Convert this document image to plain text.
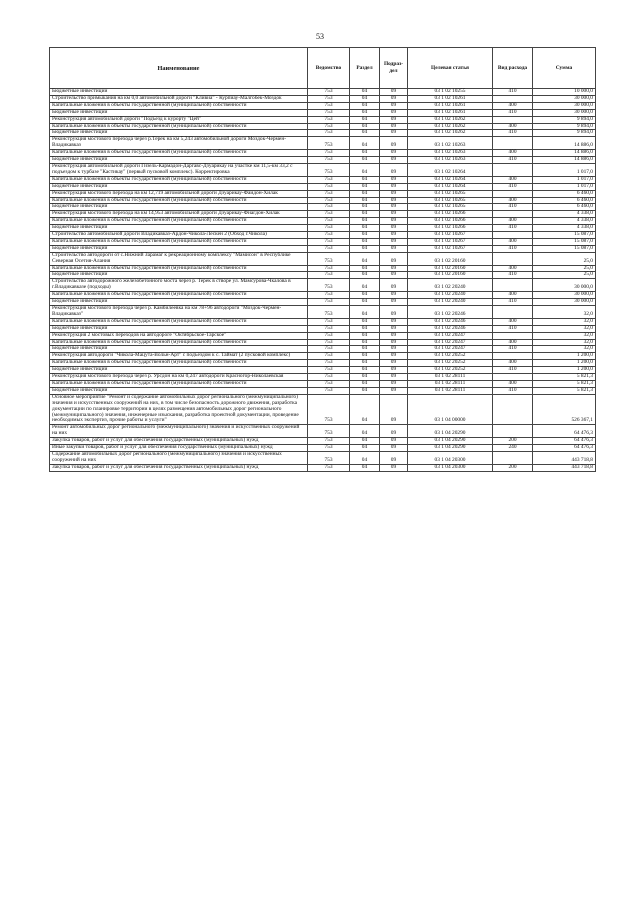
53
Наименование	Ведомство	Раздел	Подраз-дел	Целевая статья	Вид расхода	Сумма
Бюджетные инвестиции	753	04	09	03 1 02 10255	410	10 000,0
Строительство примыкания на км 0,0 автомобильной дороги "Кливиа" - Курпиау-Малгобек-Моздок	753	04	09	03 1 02 10261		30 000,0
Капитальные вложения в объекты государственной (муниципальной) собственности	753	04	09	03 1 02 10261	400	30 000,0
Бюджетные инвестиции	753	04	09	03 1 02 10261	410	30 000,0
Реконструкция автомобильной дороги "Подъезд к курорту "Цей"	753	04	09	03 1 02 10262		9 894,0
Капитальные вложения в объекты государственной (муниципальной) собственности	753	04	09	03 1 02 10262	400	9 894,0
Бюджетные инвестиции	753	04	09	03 1 02 10262	410	9 894,0
Реконструкция мостового перехода через р.Терек на км 5,243 автомобильной дороги Моздок-Чермен-Владикавказ	753	04	09	03 1 02 10263		14 886,0
Капитальные вложения в объекты государственной (муниципальной) собственности	753	04	09	03 1 02 10263	400	14 886,0
Бюджетные инвестиции	753	04	09	03 1 02 10263	410	14 886,0
Реконструкция автомобильной дороги Гизель-Кармадон-Даргавс-Дзуарикау на участке км 11,5-км 33,2 с подъездом к турбазе "Кастикау" (первый пусковой комплекс). Корректировка	753	04	09	03 1 02 10264		1 017,0
Капитальные вложения в объекты государственной (муниципальной) собственности	753	04	09	03 1 02 10264	400	1 017,0
Бюджетные инвестиции	753	04	09	03 1 02 10264	410	1 017,0
Реконструкция мостового перехода на км 12,719 автомобильной дороги Дзуарикау-Фаидон-Хилак	753	04	09	03 1 02 10265		6 460,0
Капитальные вложения в объекты государственной (муниципальной) собственности	753	04	09	03 1 02 10265	400	6 460,0
Бюджетные инвестиции	753	04	09	03 1 02 10265	410	6 460,0
Реконструкция мостового перехода на км 14,953 автомобильной дороги Дзуарикау-Фиагдон-Хилак	753	04	09	03 1 02 10266		4 338,0
Капитальные вложения в объекты государственной (муниципальной) собственности	753	04	09	03 1 02 10266	400	4 338,0
Бюджетные инвестиции	753	04	09	03 1 02 10266	410	4 338,0
Строительство автомобильной дороги Владикавказ-Ардон-Чикола-Лескен 2 (Обход г.Чикола)	753	04	09	03 1 02 10267		15 087,0
Капитальные вложения в объекты государственной (муниципальной) собственности	753	04	09	03 1 02 10267	400	15 087,0
Бюджетные инвестиции	753	04	09	03 1 02 10267	410	15 087,0
Строительство автодороги от с.Нижний Зарамаг к рекреационному комплексу "Мамисон" в Республике Северная Осетия-Алания	753	04	09	03 1 02 20160		25,0
Капитальные вложения в объекты государственной (муниципальной) собственности	753	04	09	03 1 02 20160	400	25,0
Бюджетные инвестиции	753	04	09	03 1 02 20160	410	25,0
Строительство автодорожного железобетонного моста через р. Терек в створе ул. Мамсурова-Чкалова в г.Владикавказе (подходы)	753	04	09	03 1 02 20240		30 000,0
Капитальные вложения в объекты государственной (муниципальной) собственности	753	04	09	03 1 02 20240	400	30 000,0
Бюджетные инвестиции	753	04	09	03 1 02 20240	410	30 000,0
Реконструкция мостового перехода через р. Камбилеевка на км 78+96 автодороги "Моздок-Чермен-Владикавказ"	753	04	09	03 1 02 20246		32,0
Капитальные вложения в объекты государственной (муниципальной) собственности	753	04	09	03 1 02 20246	400	32,0
Бюджетные инвестиции	753	04	09	03 1 02 20246	410	32,0
Реконструкция 2 мостовых переходов на автодороге "Октябрьское-Тарское"	753	04	09	03 1 02 20247		32,0
Капитальные вложения в объекты государственной (муниципальной) собственности	753	04	09	03 1 02 20247	400	32,0
Бюджетные инвестиции	753	04	09	03 1 02 20247	410	32,0
Реконструкция автодороги "Чикола-Мацута-Вольн-Арт" с подъездом к с. Таймат (2 пусковой комплекс)	753	04	09	03 1 02 20252		1 200,0
Капитальные вложения в объекты государственной (муниципальной) собственности	753	04	09	03 1 02 20252	400	1 200,0
Бюджетные инвестиции	753	04	09	03 1 02 20252	410	1 200,0
Реконструкция мостового перехода через р. Урсдон на км 0,247 автодороги Красногор-Николаевская	753	04	09	03 1 02 28111		5 821,3
Капитальные вложения в объекты государственной (муниципальной) собственности	753	04	09	03 1 02 28111	400	5 821,3
Бюджетные инвестиции	753	04	09	03 1 02 28111	410	5 821,3
Основное мероприятие "Ремонт и содержание автомобильных дорог регионального (межмуниципального) значения и искусственных сооружений на них, в том числе безопасность дорожного движения, разработка документации по планировке территории в целях размещения автомобильных дорог регионального (межмуниципального) значения, инженерные изыскания, разработка проектной документации, проведение необходимых экспертиз, прочие работы и услуги"	753	04	09	03 1 04 00000		526 367,1
Ремонт автомобильных дорог регионального (межмуниципального) значения и искусственных сооружений на них	753	04	09	03 1 04 20290		64 476,3
Закупка товаров, работ и услуг для обеспечения государственных (муниципальных) нужд	753	04	09	03 1 04 20290	200	64 476,3
Иные закупки товаров, работ и услуг для обеспечения государственных (муниципальных) нужд	753	04	09	03 1 04 20290	240	64 476,3
Содержание автомобильных дорог регионального (межмуниципального) значения и искусственных сооружений на них	753	04	09	03 1 04 20300		443 718,8
Закупка товаров, работ и услуг для обеспечения государственных (муниципальных) нужд	753	04	09	03 1 04 20300	200	443 718,8
